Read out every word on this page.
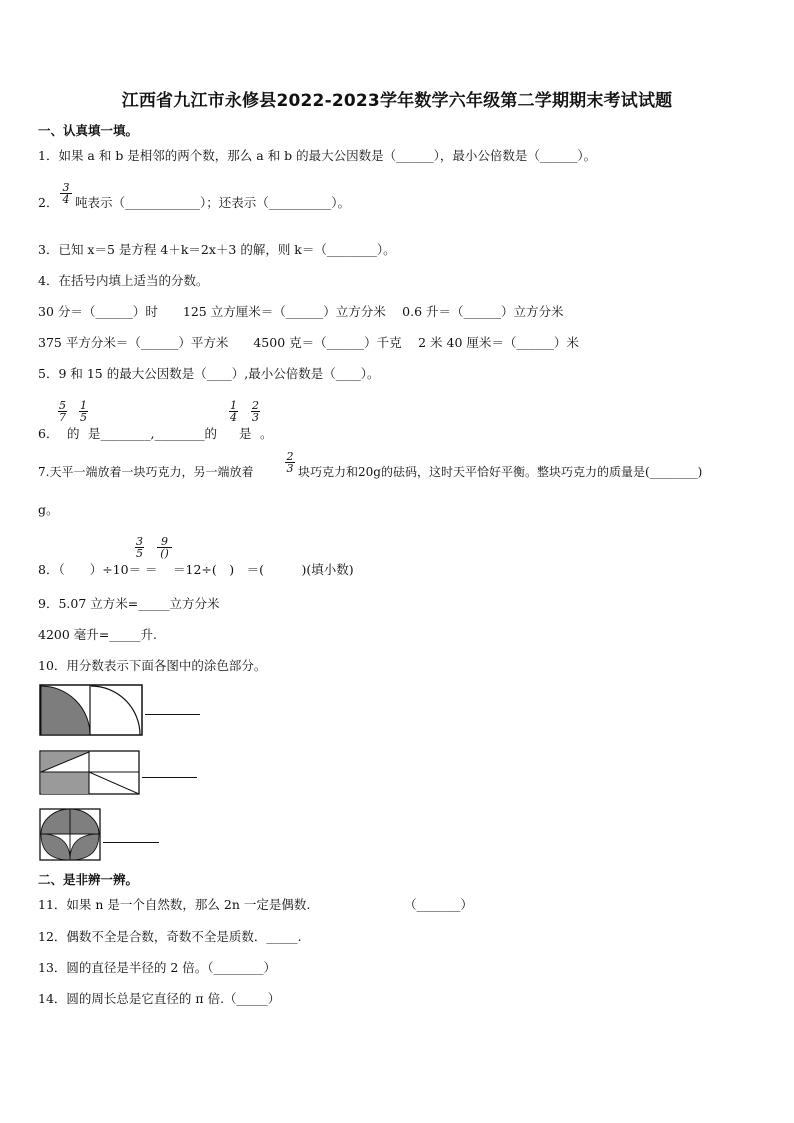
江西省九江市永修县2022-2023学年数学六年级第二学期期末考试试题
一、认真填一填。
1．如果 a 和 b 是相邻的两个数，那么 a 和 b 的最大公因数是（______），最小公倍数是（______）。
2． $\frac{3}{4}$ 吨表示（____________）；还表示（__________）。
3．已知 x＝5 是方程 4＋k＝2x＋3 的解，则 k＝（________）。
4．在括号内填上适当的分数。
30 分＝（______）时　　125 立方厘米＝（______）立方分米　 0.6 升＝（______）立方分米
375 平方分米＝（______）平方米　　4500 克＝（______）千克　 2 米 40 厘米＝（______）米
5．9 和 15 的最大公因数是（____）,最小公倍数是（____）。
6．
$\frac{5}{7}$
的
$\frac{1}{5}$
是________,________的
$\frac{1}{4}$
是
$\frac{2}{3}$
。
7.天平一端放着一块巧克力，另一端放着	$\frac{2}{3}$ 块巧克力和20g的砝码，这时天平恰好平衡。整块巧克力的质量是(________)
g。
8．（　　）÷10＝
$\frac{3}{5}$
＝
9
()
＝12÷(　)　＝(　　　)(填小数)
9．5.07 立方米=_____立方分米
4200 毫升=_____升.
10．用分数表示下面各图中的涂色部分。
二、是非辨一辨。
11．如果 n 是一个自然数，那么 2n 一定是偶数.　　　　　　　　（_______）
12．偶数不全是合数，奇数不全是质数．_____.
13．圆的直径是半径的 2 倍。（________）
14．圆的周长总是它直径的 π 倍.（_____）
